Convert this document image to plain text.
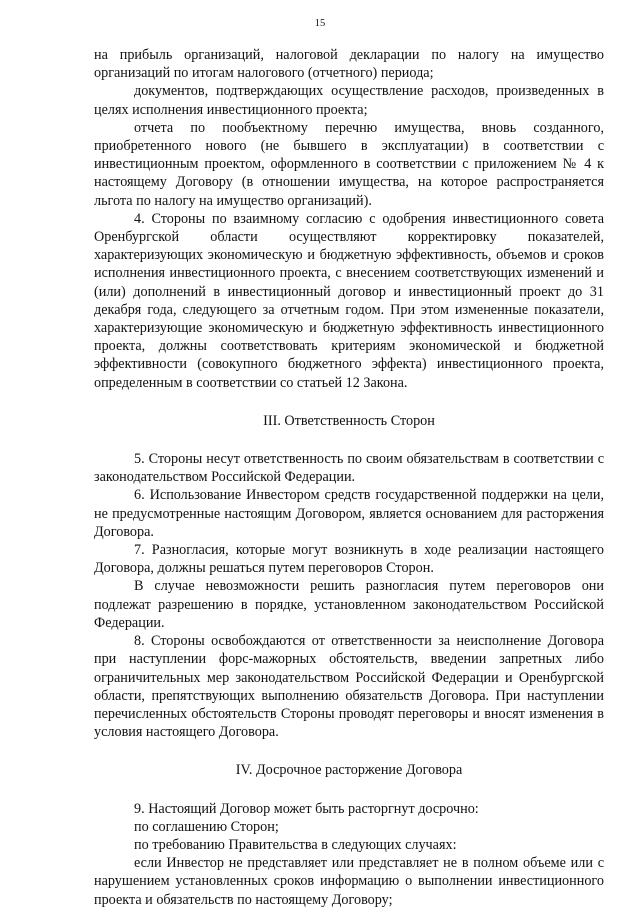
15

на прибыль организаций, налоговой декларации по налогу на имущество организаций по итогам налогового (отчетного) периода;

документов, подтверждающих осуществление расходов, произведенных в целях исполнения инвестиционного проекта;

отчета по пообъектному перечню имущества, вновь созданного, приобретенного нового (не бывшего в эксплуатации) в соответствии с инвестиционным проектом, оформленного в соответствии с приложением № 4 к настоящему Договору (в отношении имущества, на которое распространяется льгота по налогу на имущество организаций).

4. Стороны по взаимному согласию с одобрения инвестиционного совета Оренбургской области осуществляют корректировку показателей, характеризующих экономическую и бюджетную эффективность, объемов и сроков исполнения инвестиционного проекта, с внесением соответствующих изменений и (или) дополнений в инвестиционный договор и инвестиционный проект до 31 декабря года, следующего за отчетным годом. При этом измененные показатели, характеризующие экономическую и бюджетную эффективность инвестиционного проекта, должны соответствовать критериям экономической и бюджетной эффективности (совокупного бюджетного эффекта) инвестиционного проекта, определенным в соответствии со статьей 12 Закона.

III. Ответственность Сторон

5. Стороны несут ответственность по своим обязательствам в соответствии с законодательством Российской Федерации.

6. Использование Инвестором средств государственной поддержки на цели, не предусмотренные настоящим Договором, является основанием для расторжения Договора.

7. Разногласия, которые могут возникнуть в ходе реализации настоящего Договора, должны решаться путем переговоров Сторон.

В случае невозможности решить разногласия путем переговоров они подлежат разрешению в порядке, установленном законодательством Российской Федерации.

8. Стороны освобождаются от ответственности за неисполнение Договора при наступлении форс-мажорных обстоятельств, введении запретных либо ограничительных мер законодательством Российской Федерации и Оренбургской области, препятствующих выполнению обязательств Договора. При наступлении перечисленных обстоятельств Стороны проводят переговоры и вносят изменения в условия настоящего Договора.

IV. Досрочное расторжение Договора

9. Настоящий Договор может быть расторгнут досрочно:

по соглашению Сторон;

по требованию Правительства в следующих случаях:

если Инвестор не представляет или представляет не в полном объеме или с нарушением установленных сроков информацию о выполнении инвестиционного проекта и обязательств по настоящему Договору;
